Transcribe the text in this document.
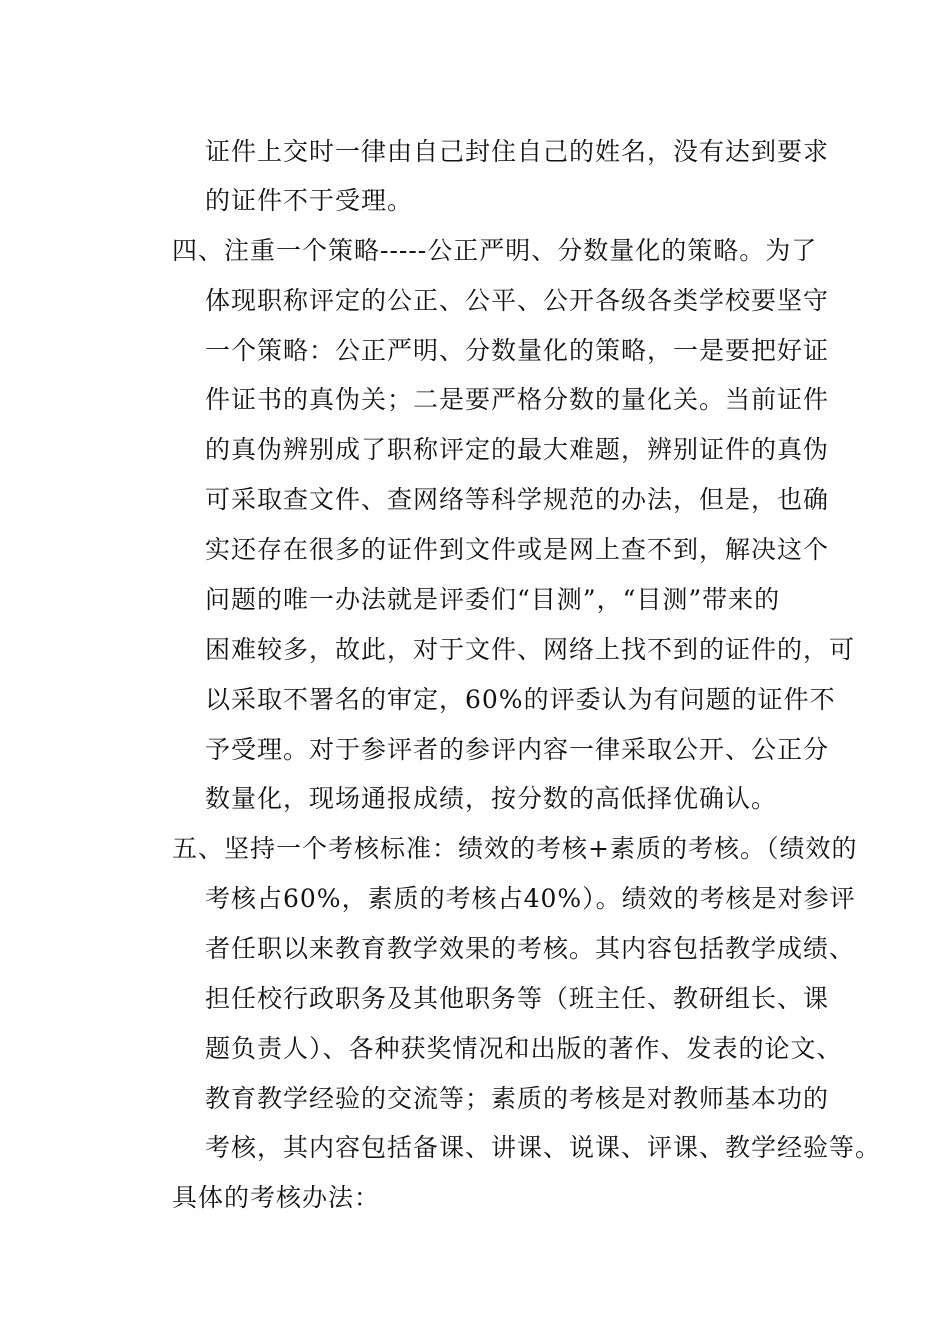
证件上交时一律由自己封住自己的姓名，没有达到要求
的证件不于受理。
四、注重一个策略-----公正严明、分数量化的策略。为了
体现职称评定的公正、公平、公开各级各类学校要坚守
一个策略：公正严明、分数量化的策略，一是要把好证
件证书的真伪关；二是要严格分数的量化关。当前证件
的真伪辨别成了职称评定的最大难题，辨别证件的真伪
可采取查文件、查网络等科学规范的办法，但是，也确
实还存在很多的证件到文件或是网上查不到，解决这个
问题的唯一办法就是评委们“目测”，“目测”带来的
困难较多，故此，对于文件、网络上找不到的证件的，可
以采取不署名的审定，60%的评委认为有问题的证件不
予受理。对于参评者的参评内容一律采取公开、公正分
数量化，现场通报成绩，按分数的高低择优确认。
五、坚持一个考核标准：绩效的考核+素质的考核。（绩效的
考核占60%，素质的考核占40%）。绩效的考核是对参评
者任职以来教育教学效果的考核。其内容包括教学成绩、
担任校行政职务及其他职务等（班主任、教研组长、课
题负责人）、各种获奖情况和出版的著作、发表的论文、
教育教学经验的交流等；素质的考核是对教师基本功的
考核，其内容包括备课、讲课、说课、评课、教学经验等。
具体的考核办法：
